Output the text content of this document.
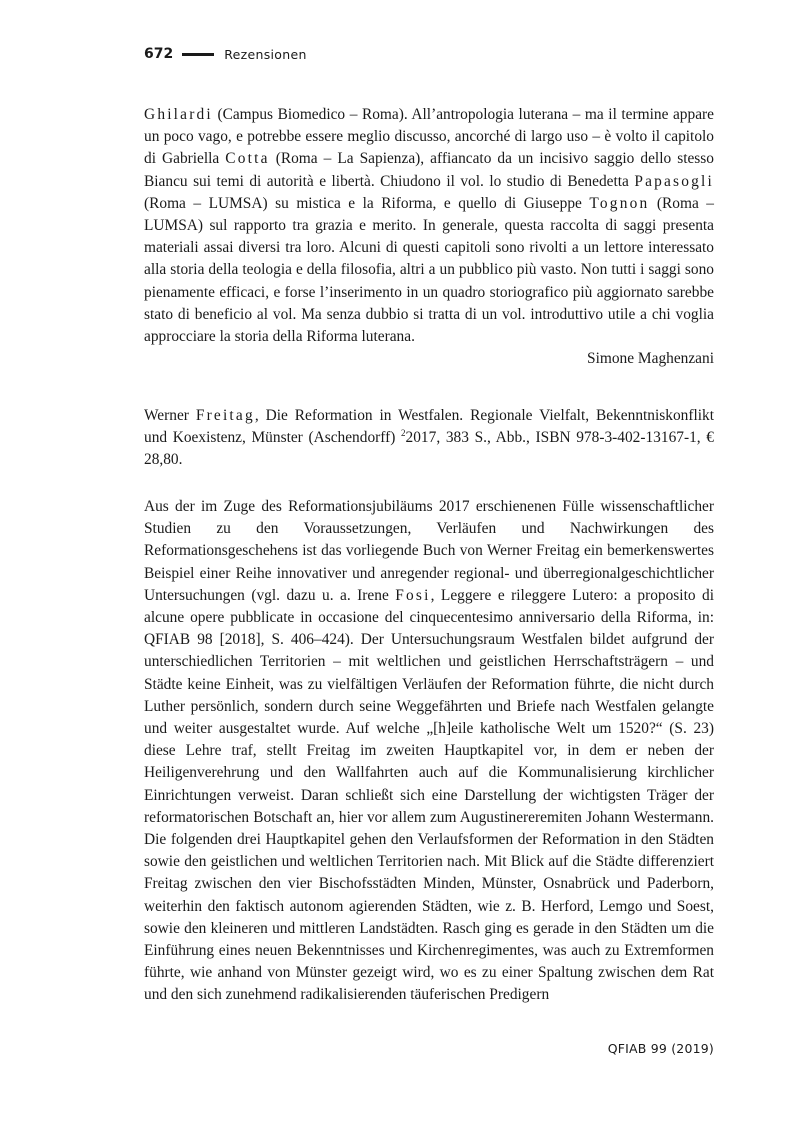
672	Rezensionen

Ghilardi (Campus Biomedico – Roma). All’antropologia luterana – ma il termine appare un poco vago, e potrebbe essere meglio discusso, ancorché di largo uso – è volto il capitolo di Gabriella Cotta (Roma – La Sapienza), affiancato da un incisivo saggio dello stesso Biancu sui temi di autorità e libertà. Chiudono il vol. lo studio di Benedetta Papasogli (Roma – LUMSA) su mistica e la Riforma, e quello di Giuseppe Tognon (Roma – LUMSA) sul rapporto tra grazia e merito. In generale, questa raccolta di saggi presenta materiali assai diversi tra loro. Alcuni di questi capitoli sono rivolti a un lettore interessato alla storia della teologia e della filosofia, altri a un pubblico più vasto. Non tutti i saggi sono pienamente efficaci, e forse l’inserimento in un quadro storiografico più aggiornato sarebbe stato di beneficio al vol. Ma senza dubbio si tratta di un vol. introduttivo utile a chi voglia approcciare la storia della Riforma luterana.

Simone Maghenzani

Werner Freitag, Die Reformation in Westfalen. Regionale Vielfalt, Bekenntniskonflikt und Koexistenz, Münster (Aschendorff) $^2$2017, 383 S., Abb., ISBN 978-3-402-13167-1, € 28,80.

Aus der im Zuge des Reformationsjubiläums 2017 erschienenen Fülle wissenschaftlicher Studien zu den Voraussetzungen, Verläufen und Nachwirkungen des Reformationsgeschehens ist das vorliegende Buch von Werner Freitag ein bemerkenswertes Beispiel einer Reihe innovativer und anregender regional- und überregionalgeschichtlicher Untersuchungen (vgl. dazu u. a. Irene Fosi, Leggere e rileggere Lutero: a proposito di alcune opere pubblicate in occasione del cinquecentesimo anniversario della Riforma, in: QFIAB 98 [2018], S. 406–424). Der Untersuchungsraum Westfalen bildet aufgrund der unterschiedlichen Territorien – mit weltlichen und geistlichen Herrschaftsträgern – und Städte keine Einheit, was zu vielfältigen Verläufen der Reformation führte, die nicht durch Luther persönlich, sondern durch seine Weggefährten und Briefe nach Westfalen gelangte und weiter ausgestaltet wurde. Auf welche „[h]eile katholische Welt um 1520?“ (S. 23) diese Lehre traf, stellt Freitag im zweiten Hauptkapitel vor, in dem er neben der Heiligenverehrung und den Wallfahrten auch auf die Kommunalisierung kirchlicher Einrichtungen verweist. Daran schließt sich eine Darstellung der wichtigsten Träger der reformatorischen Botschaft an, hier vor allem zum Augustinereremiten Johann Westermann. Die folgenden drei Hauptkapitel gehen den Verlaufsformen der Reformation in den Städten sowie den geistlichen und weltlichen Territorien nach. Mit Blick auf die Städte differenziert Freitag zwischen den vier Bischofsstädten Minden, Münster, Osnabrück und Paderborn, weiterhin den faktisch autonom agierenden Städten, wie z. B. Herford, Lemgo und Soest, sowie den kleineren und mittleren Landstädten. Rasch ging es gerade in den Städten um die Einführung eines neuen Bekenntnisses und Kirchenregimentes, was auch zu Extremformen führte, wie anhand von Münster gezeigt wird, wo es zu einer Spaltung zwischen dem Rat und den sich zunehmend radikalisierenden täuferischen Predigern

QFIAB 99 (2019)
